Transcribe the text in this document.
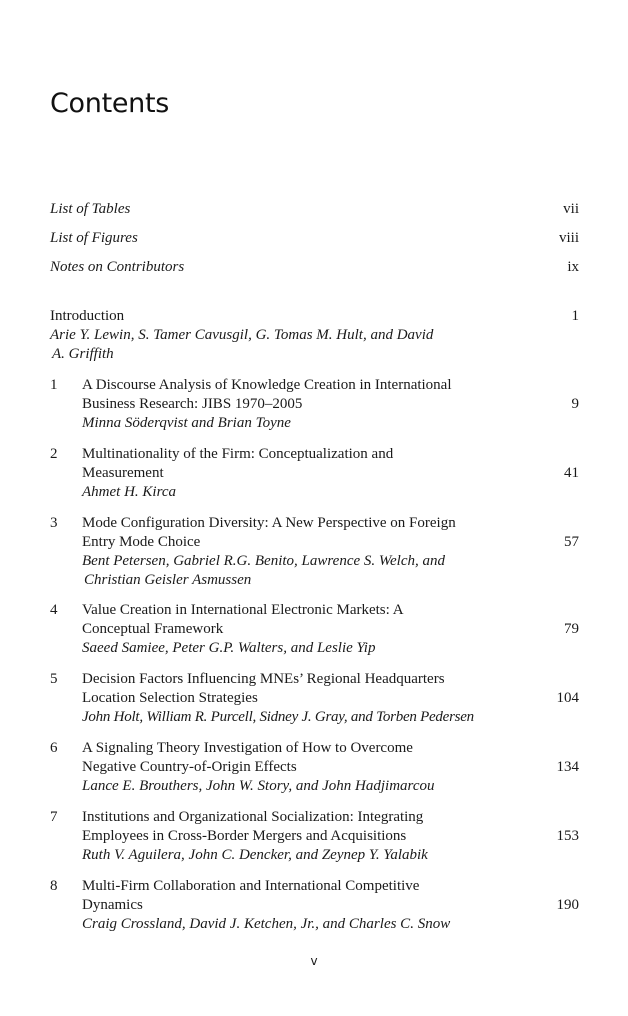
Contents
List of Tables	vii
List of Figures	viii
Notes on Contributors	ix
Introduction	1
Arie Y. Lewin, S. Tamer Cavusgil, G. Tomas M. Hult, and David
A. Griffith
1 A Discourse Analysis of Knowledge Creation in International
Business Research: JIBS 1970–2005	9
Minna Söderqvist and Brian Toyne
2 Multinationality of the Firm: Conceptualization and
Measurement	41
Ahmet H. Kirca
3 Mode Configuration Diversity: A New Perspective on Foreign
Entry Mode Choice	57
Bent Petersen, Gabriel R.G. Benito, Lawrence S. Welch, and
Christian Geisler Asmussen
4 Value Creation in International Electronic Markets: A
Conceptual Framework	79
Saeed Samiee, Peter G.P. Walters, and Leslie Yip
5 Decision Factors Influencing MNEs’ Regional Headquarters
Location Selection Strategies	104
John Holt, William R. Purcell, Sidney J. Gray, and Torben Pedersen
6 A Signaling Theory Investigation of How to Overcome
Negative Country-of-Origin Effects	134
Lance E. Brouthers, John W. Story, and John Hadjimarcou
7 Institutions and Organizational Socialization: Integrating
Employees in Cross-Border Mergers and Acquisitions	153
Ruth V. Aguilera, John C. Dencker, and Zeynep Y. Yalabik
8 Multi-Firm Collaboration and International Competitive
Dynamics	190
Craig Crossland, David J. Ketchen, Jr., and Charles C. Snow
v
